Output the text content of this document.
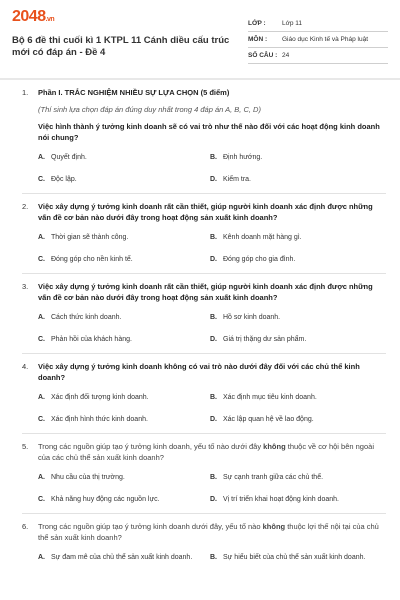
2048.vn
Bộ 6 đề thi cuối kì 1 KTPL 11 Cánh diều cấu trúc mới có đáp án - Đề 4
LỚP :	Lớp 11
MÔN :	Giáo dục Kinh tế và Pháp luật
SỐ CÂU : 24
1.	Phần I. TRẮC NGHIỆM NHIỀU SỰ LỰA CHỌN (5 điểm)
(Thí sinh lựa chọn đáp án đúng duy nhất trong 4 đáp án A, B, C, D)
Việc hình thành ý tưởng kinh doanh sẽ có vai trò như thế nào đối với các hoạt động kinh doanh nói chung?
A. Quyết định.	B. Định hướng.
C. Độc lập.	D. Kiểm tra.
2.	Việc xây dựng ý tưởng kinh doanh rất cần thiết, giúp người kinh doanh xác định được những vấn đề cơ bản nào dưới đây trong hoạt động sản xuất kinh doanh?
A. Thời gian sẽ thành công.	B. Kênh doanh mặt hàng gì.
C. Đóng góp cho nền kinh tế.	D. Đóng góp cho gia đình.
3.	Việc xây dựng ý tưởng kinh doanh rất cần thiết, giúp người kinh doanh xác định được những vấn đề cơ bản nào dưới đây trong hoạt động sản xuất kinh doanh?
A. Cách thức kinh doanh.	B. Hồ sơ kinh doanh.
C. Phản hồi của khách hàng.	D. Giá trị thặng dư sản phẩm.
4.	Việc xây dựng ý tưởng kinh doanh không có vai trò nào dưới đây đối với các chủ thể kinh doanh?
A. Xác định đối tượng kinh doanh.	B. Xác định mục tiêu kinh doanh.
C. Xác định hình thức kinh doanh.	D. Xác lập quan hệ về lao động.
5.	Trong các nguồn giúp tạo ý tưởng kinh doanh, yếu tố nào dưới đây không thuộc về cơ hội bên ngoài của các chủ thể sản xuất kinh doanh?
A. Nhu cầu của thị trường.	B. Sự cạnh tranh giữa các chủ thể.
C. Khả năng huy động các nguồn lực.	D. Vị trí triển khai hoạt động kinh doanh.
6.	Trong các nguồn giúp tạo ý tưởng kinh doanh dưới đây, yếu tố nào không thuộc lợi thế nội tại của chủ thể sản xuất kinh doanh?
A. Sự đam mê của chủ thể sản xuất kinh doanh.	B. Sự hiểu biết của chủ thể sản xuất kinh doanh.
